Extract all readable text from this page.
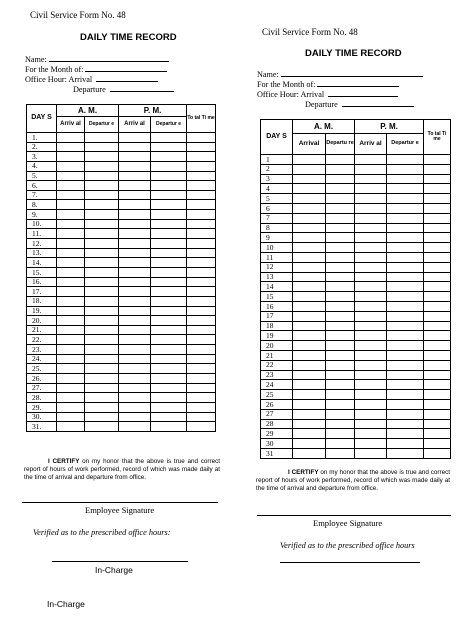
Civil Service Form No. 48
DAILY TIME RECORD
Name:
For the Month of:
Office Hour: Arrival
Departure
DAY S	A. M.		P. M.		To tal Ti me
	Arriv al	Departur e	Arriv al	Departur e	
1.					
2.					
3.					
4.					
5.					
6.					
7.					
8.					
9.					
10.					
11.					
12.					
13.					
14.					
15.					
16.					
17.					
18.					
19.					
20.					
21.					
22.					
23.					
24.					
25.					
26.					
27.					
28.					
29.					
30.					
31.					
I CERTIFY on my honor that the above is true and correct report of hours of work performed, record of which was made daily at the time of arrival and departure from office.
Employee Signature
Verified as to the prescribed office hours:
In-Charge
In-Charge
Civil Service Form No. 48
DAILY TIME RECORD
Name:
For the Month of:
Office Hour: Arrival
Departure
DAY S	A. M.		P. M.		To tal Ti me
	Arrival	Departu re	Arriv al	Departur e	
1					
2					
3					
4					
5					
6					
7					
8					
9					
10					
11					
12					
13					
14					
15					
16					
17					
18					
19					
20					
21					
22					
23					
24					
25					
26					
27					
28					
29					
30					
31					
I CERTIFY on my honor that the above is true and correct report of hours of work performed, record of which was made daily at the time of arrival and departure from office.
Employee Signature
Verified as to the prescribed office hours
